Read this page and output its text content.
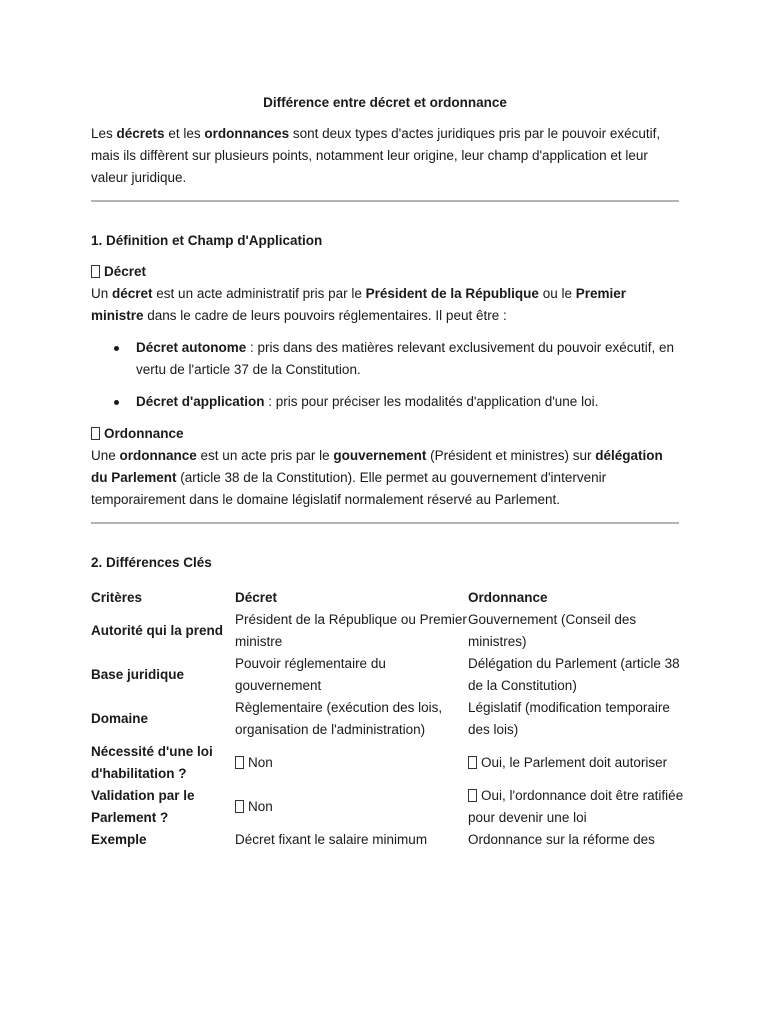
Différence entre décret et ordonnance

Les décrets et les ordonnances sont deux types d'actes juridiques pris par le pouvoir exécutif, mais ils diffèrent sur plusieurs points, notamment leur origine, leur champ d'application et leur valeur juridique.

1. Définition et Champ d'Application

Décret

Un décret est un acte administratif pris par le Président de la République ou le Premier ministre dans le cadre de leurs pouvoirs réglementaires. Il peut être :

Décret autonome : pris dans des matières relevant exclusivement du pouvoir exécutif, en vertu de l'article 37 de la Constitution.
Décret d'application : pris pour préciser les modalités d'application d'une loi.

Ordonnance

Une ordonnance est un acte pris par le gouvernement (Président et ministres) sur délégation du Parlement (article 38 de la Constitution). Elle permet au gouvernement d'intervenir temporairement dans le domaine législatif normalement réservé au Parlement.

2. Différences Clés

Critères	Décret	Ordonnance
Autorité qui la prend	Président de la République ou Premier ministre	Gouvernement (Conseil des ministres)
Base juridique	Pouvoir réglementaire du gouvernement	Délégation du Parlement (article 38 de la Constitution)
Domaine	Règlementaire (exécution des lois, organisation de l'administration)	Législatif (modification temporaire des lois)
Nécessité d'une loi d'habilitation ?	Non	Oui, le Parlement doit autoriser
Validation par le Parlement ?	Non	Oui, l'ordonnance doit être ratifiée pour devenir une loi
Exemple	Décret fixant le salaire minimum	Ordonnance sur la réforme des
